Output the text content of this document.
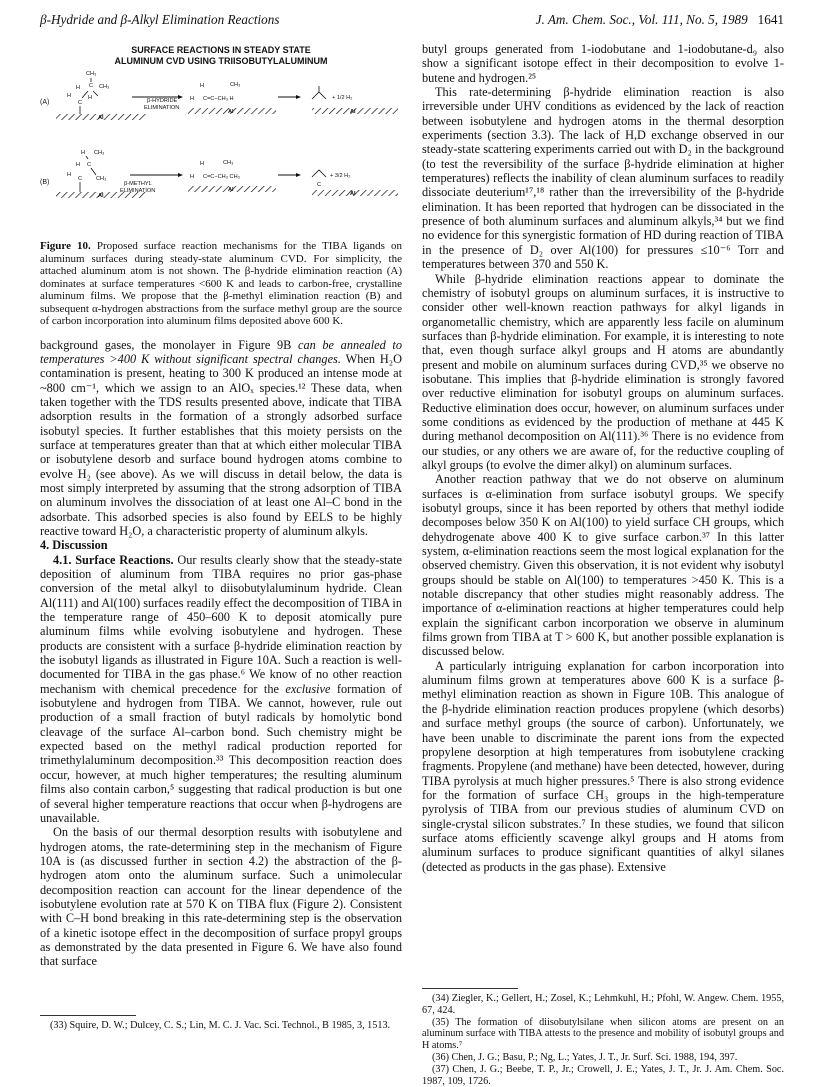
β-Hydride and β-Alkyl Elimination Reactions	J. Am. Chem. Soc., Vol. 111, No. 5, 1989 1641
SURFACE REACTIONS IN STEADY STATE
ALUMINUM CVD USING TRIISOBUTYLALUMINUM
(A)
CH₃
H C CH₃
H	H
C
Al
β-HYDRIDE
ELIMINATION
H	CH₃
H C=C−CH₃ H
Al
+ 1/2 H₂
Al
(B)
H CH₃
H C
H
C CH₃
Al
β-METHYL
ELIMINATION
H	CH₃
H C=C−CH₃ CH₃
Al
+ 3/2 H₂
C
Al
Figure 10. Proposed surface reaction mechanisms for the TIBA ligands on aluminum surfaces during steady-state aluminum CVD. For simplicity, the attached aluminum atom is not shown. The β-hydride elimination reaction (A) dominates at surface temperatures <600 K and leads to carbon-free, crystalline aluminum films. We propose that the β-methyl elimination reaction (B) and subsequent α-hydrogen abstractions from the surface methyl group are the source of carbon incorporation into aluminum films deposited above 600 K.

background gases, the monolayer in Figure 9B can be annealed to temperatures >400 K without significant spectral changes. When H₂O contamination is present, heating to 300 K produced an intense mode at ~800 cm⁻¹, which we assign to an AlOₓ species.¹² These data, when taken together with the TDS results presented above, indicate that TIBA adsorption results in the formation of a strongly adsorbed surface isobutyl species. It further establishes that this moiety persists on the surface at temperatures greater than that at which either molecular TIBA or isobutylene desorb and surface bound hydrogen atoms combine to evolve H₂ (see above). As we will discuss in detail below, the data is most simply interpreted by assuming that the strong adsorption of TIBA on aluminum involves the dissociation of at least one Al–C bond in the adsorbate. This adsorbed species is also found by EELS to be highly reactive toward H₂O, a characteristic property of aluminum alkyls.

4. Discussion

4.1. Surface Reactions. Our results clearly show that the steady-state deposition of aluminum from TIBA requires no prior gas-phase conversion of the metal alkyl to diisobutylaluminum hydride. Clean Al(111) and Al(100) surfaces readily effect the decomposition of TIBA in the temperature range of 450–600 K to deposit atomically pure aluminum films while evolving isobutylene and hydrogen. These products are consistent with a surface β-hydride elimination reaction by the isobutyl ligands as illustrated in Figure 10A. Such a reaction is well-documented for TIBA in the gas phase.⁶ We know of no other reaction mechanism with chemical precedence for the exclusive formation of isobutylene and hydrogen from TIBA. We cannot, however, rule out production of a small fraction of butyl radicals by homolytic bond cleavage of the surface Al–carbon bond. Such chemistry might be expected based on the methyl radical production reported for trimethylaluminum decomposition.³³ This decomposition reaction does occur, however, at much higher temperatures; the resulting aluminum films also contain carbon,⁵ suggesting that radical production is but one of several higher temperature reactions that occur when β-hydrogens are unavailable.

On the basis of our thermal desorption results with isobutylene and hydrogen atoms, the rate-determining step in the mechanism of Figure 10A is (as discussed further in section 4.2) the abstraction of the β-hydrogen atom onto the aluminum surface. Such a unimolecular decomposition reaction can account for the linear dependence of the isobutylene evolution rate at 570 K on TIBA flux (Figure 2). Consistent with C–H bond breaking in this rate-determining step is the observation of a kinetic isotope effect in the decomposition of surface propyl groups as demonstrated by the data presented in Figure 6. We have also found that surface

(33) Squire, D. W.; Dulcey, C. S.; Lin, M. C. J. Vac. Sci. Technol., B 1985, 3, 1513.

butyl groups generated from 1-iodobutane and 1-iodobutane-d₉ also show a significant isotope effect in their decomposition to evolve 1-butene and hydrogen.²⁵

This rate-determining β-hydride elimination reaction is also irreversible under UHV conditions as evidenced by the lack of reaction between isobutylene and hydrogen atoms in the thermal desorption experiments (section 3.3). The lack of H,D exchange observed in our steady-state scattering experiments carried out with D₂ in the background (to test the reversibility of the surface β-hydride elimination at higher temperatures) reflects the inability of clean aluminum surfaces to readily dissociate deuterium¹⁷,¹⁸ rather than the irreversibility of the β-hydride elimination. It has been reported that hydrogen can be dissociated in the presence of both aluminum surfaces and aluminum alkyls,³⁴ but we find no evidence for this synergistic formation of HD during reaction of TIBA in the presence of D₂ over Al(100) for pressures ≤10⁻⁶ Torr and temperatures between 370 and 550 K.

While β-hydride elimination reactions appear to dominate the chemistry of isobutyl groups on aluminum surfaces, it is instructive to consider other well-known reaction pathways for alkyl ligands in organometallic chemistry, which are apparently less facile on aluminum surfaces than β-hydride elimination. For example, it is interesting to note that, even though surface alkyl groups and H atoms are abundantly present and mobile on aluminum surfaces during CVD,³⁵ we observe no isobutane. This implies that β-hydride elimination is strongly favored over reductive elimination for isobutyl groups on aluminum surfaces. Reductive elimination does occur, however, on aluminum surfaces under some conditions as evidenced by the production of methane at 445 K during methanol decomposition on Al(111).³⁶ There is no evidence from our studies, or any others we are aware of, for the reductive coupling of alkyl groups (to evolve the dimer alkyl) on aluminum surfaces.

Another reaction pathway that we do not observe on aluminum surfaces is α-elimination from surface isobutyl groups. We specify isobutyl groups, since it has been reported by others that methyl iodide decomposes below 350 K on Al(100) to yield surface CH groups, which dehydrogenate above 400 K to give surface carbon.³⁷ In this latter system, α-elimination reactions seem the most logical explanation for the observed chemistry. Given this observation, it is not evident why isobutyl groups should be stable on Al(100) to temperatures >450 K. This is a notable discrepancy that other studies might reasonably address. The importance of α-elimination reactions at higher temperatures could help explain the significant carbon incorporation we observe in aluminum films grown from TIBA at T > 600 K, but another possible explanation is discussed below.

A particularly intriguing explanation for carbon incorporation into aluminum films grown at temperatures above 600 K is a surface β-methyl elimination reaction as shown in Figure 10B. This analogue of the β-hydride elimination reaction produces propylene (which desorbs) and surface methyl groups (the source of carbon). Unfortunately, we have been unable to discriminate the parent ions from the expected propylene desorption at high temperatures from isobutylene cracking fragments. Propylene (and methane) have been detected, however, during TIBA pyrolysis at much higher pressures.⁵ There is also strong evidence for the formation of surface CH₃ groups in the high-temperature pyrolysis of TIBA from our previous studies of aluminum CVD on single-crystal silicon substrates.⁷ In these studies, we found that silicon surface atoms efficiently scavenge alkyl groups and H atoms from aluminum surfaces to produce significant quantities of alkyl silanes (detected as products in the gas phase). Extensive

(34) Ziegler, K.; Gellert, H.; Zosel, K.; Lehmkuhl, H.; Pfohl, W. Angew. Chem. 1955, 67, 424.
(35) The formation of diisobutylsilane when silicon atoms are present on an aluminum surface with TIBA attests to the presence and mobility of isobutyl groups and H atoms.⁷
(36) Chen, J. G.; Basu, P.; Ng, L.; Yates, J. T., Jr. Surf. Sci. 1988, 194, 397.
(37) Chen, J. G.; Beebe, T. P., Jr.; Crowell, J. E.; Yates, J. T., Jr. J. Am. Chem. Soc. 1987, 109, 1726.
